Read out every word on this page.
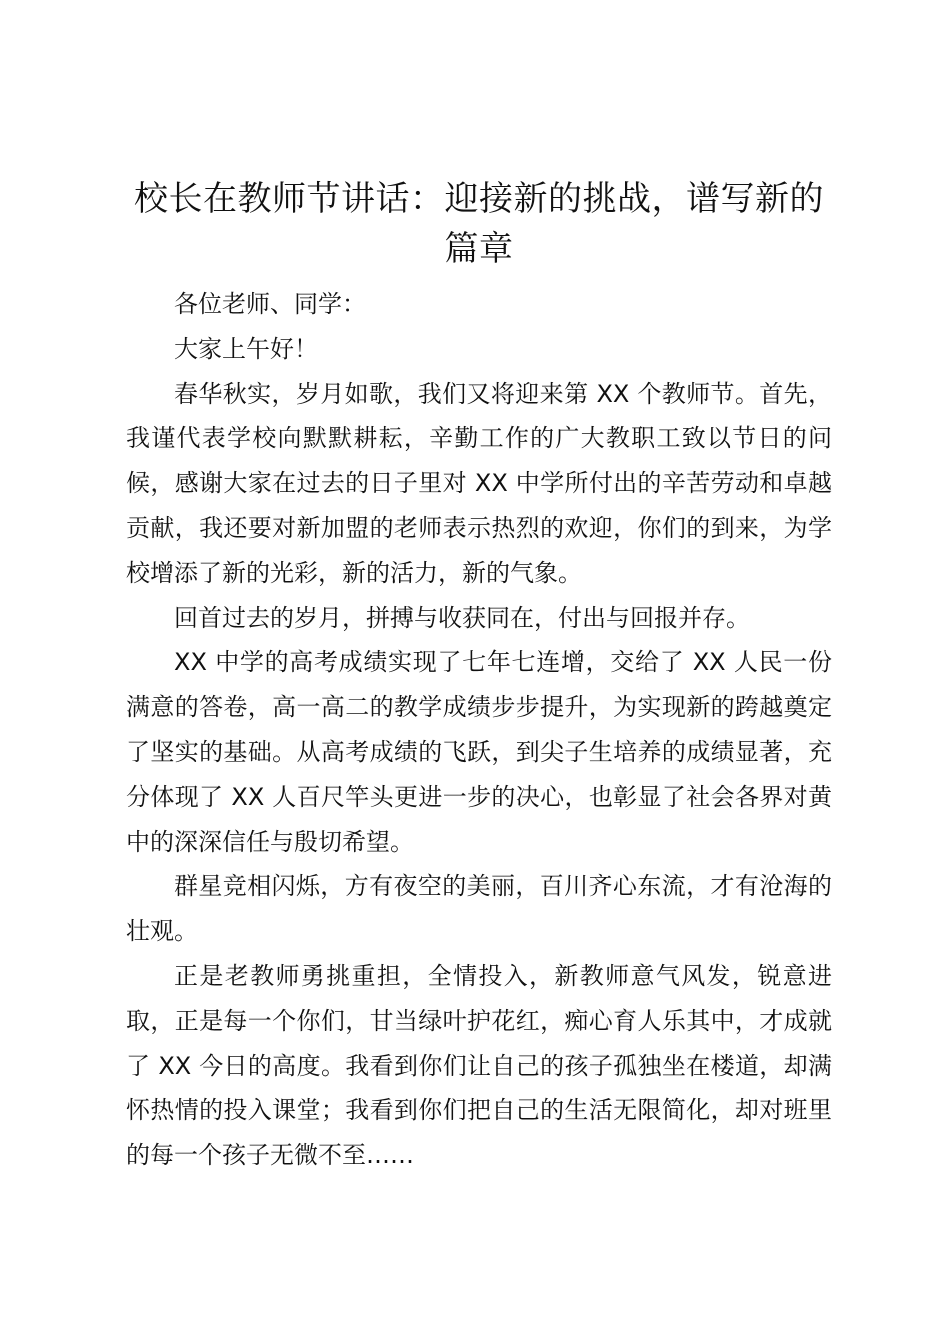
校长在教师节讲话：迎接新的挑战，谱写新的
篇章

各位老师、同学：

大家上午好！

春华秋实，岁月如歌，我们又将迎来第 XX 个教师节。首先，我谨代表学校向默默耕耘，辛勤工作的广大教职工致以节日的问候，感谢大家在过去的日子里对 XX 中学所付出的辛苦劳动和卓越贡献，我还要对新加盟的老师表示热烈的欢迎，你们的到来，为学校增添了新的光彩，新的活力，新的气象。

回首过去的岁月，拼搏与收获同在，付出与回报并存。

XX 中学的高考成绩实现了七年七连增，交给了 XX 人民一份满意的答卷，高一高二的教学成绩步步提升，为实现新的跨越奠定了坚实的基础。从高考成绩的飞跃，到尖子生培养的成绩显著，充分体现了 XX 人百尺竿头更进一步的决心，也彰显了社会各界对黄中的深深信任与殷切希望。

群星竞相闪烁，方有夜空的美丽，百川齐心东流，才有沧海的壮观。

正是老教师勇挑重担，全情投入，新教师意气风发，锐意进取，正是每一个你们，甘当绿叶护花红，痴心育人乐其中，才成就了 XX 今日的高度。我看到你们让自己的孩子孤独坐在楼道，却满怀热情的投入课堂；我看到你们把自己的生活无限简化，却对班里的每一个孩子无微不至……
